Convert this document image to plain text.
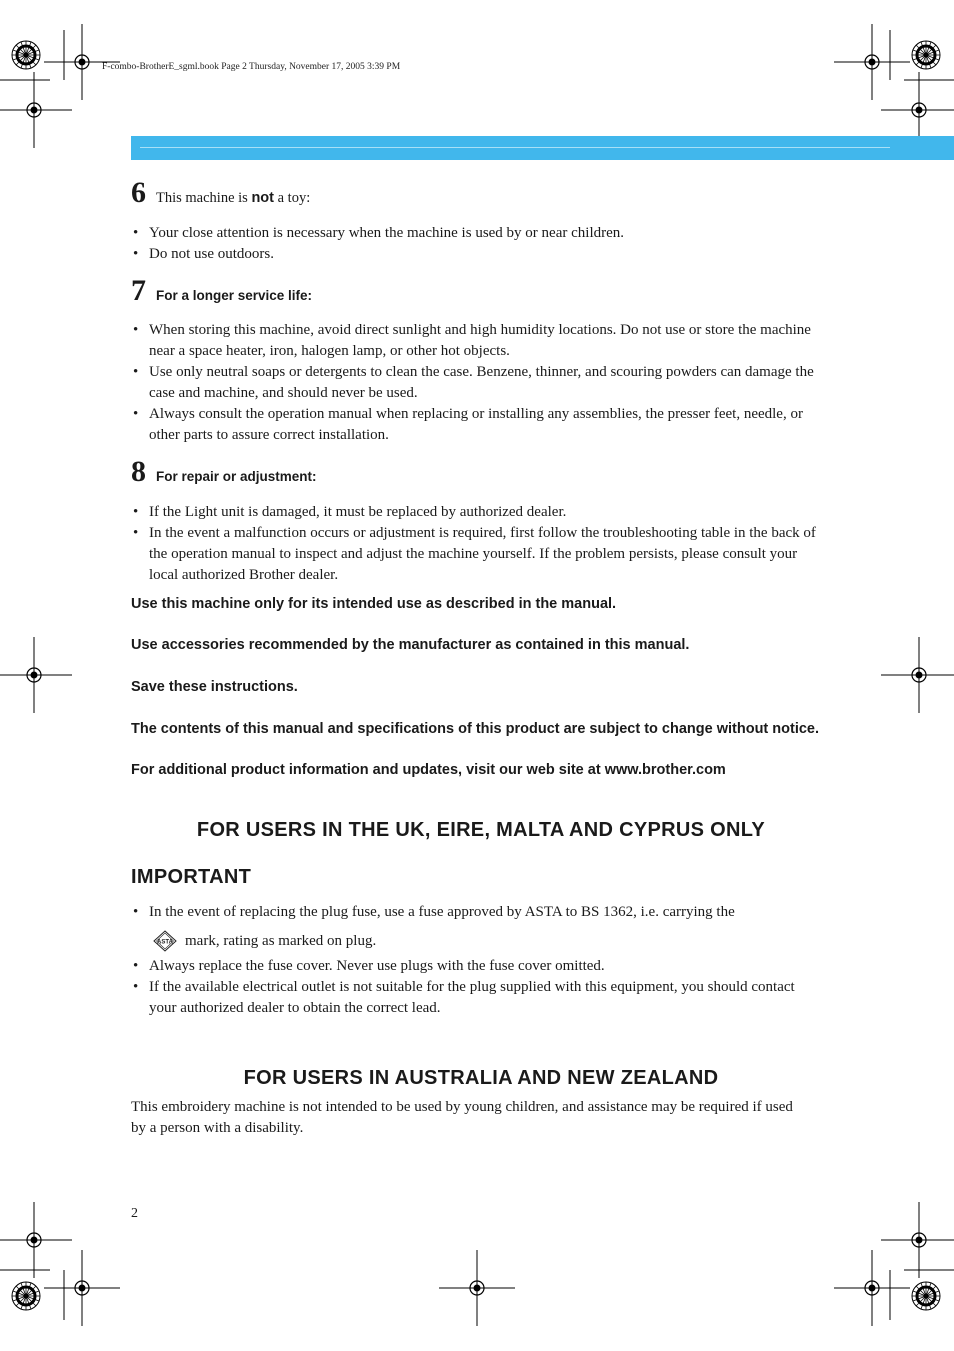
F-combo-BrotherE_sgml.book Page 2 Thursday, November 17, 2005 3:39 PM
6 This machine is not a toy:
• Your close attention is necessary when the machine is used by or near children.
• Do not use outdoors.
7 For a longer service life:
• When storing this machine, avoid direct sunlight and high humidity locations. Do not use or store the machine near a space heater, iron, halogen lamp, or other hot objects.
• Use only neutral soaps or detergents to clean the case. Benzene, thinner, and scouring powders can damage the case and machine, and should never be used.
• Always consult the operation manual when replacing or installing any assemblies, the presser feet, needle, or other parts to assure correct installation.
8 For repair or adjustment:
• If the Light unit is damaged, it must be replaced by authorized dealer.
• In the event a malfunction occurs or adjustment is required, first follow the troubleshooting table in the back of the operation manual to inspect and adjust the machine yourself. If the problem persists, please consult your local authorized Brother dealer.
Use this machine only for its intended use as described in the manual.
Use accessories recommended by the manufacturer as contained in this manual.
Save these instructions.
The contents of this manual and specifications of this product are subject to change without notice.
For additional product information and updates, visit our web site at www.brother.com
FOR USERS IN THE UK, EIRE, MALTA AND CYPRUS ONLY
IMPORTANT
• In the event of replacing the plug fuse, use a fuse approved by ASTA to BS 1362, i.e. carrying the
ASTA mark, rating as marked on plug.
• Always replace the fuse cover. Never use plugs with the fuse cover omitted.
• If the available electrical outlet is not suitable for the plug supplied with this equipment, you should contact your authorized dealer to obtain the correct lead.
FOR USERS IN AUSTRALIA AND NEW ZEALAND
This embroidery machine is not intended to be used by young children, and assistance may be required if used by a person with a disability.
2
